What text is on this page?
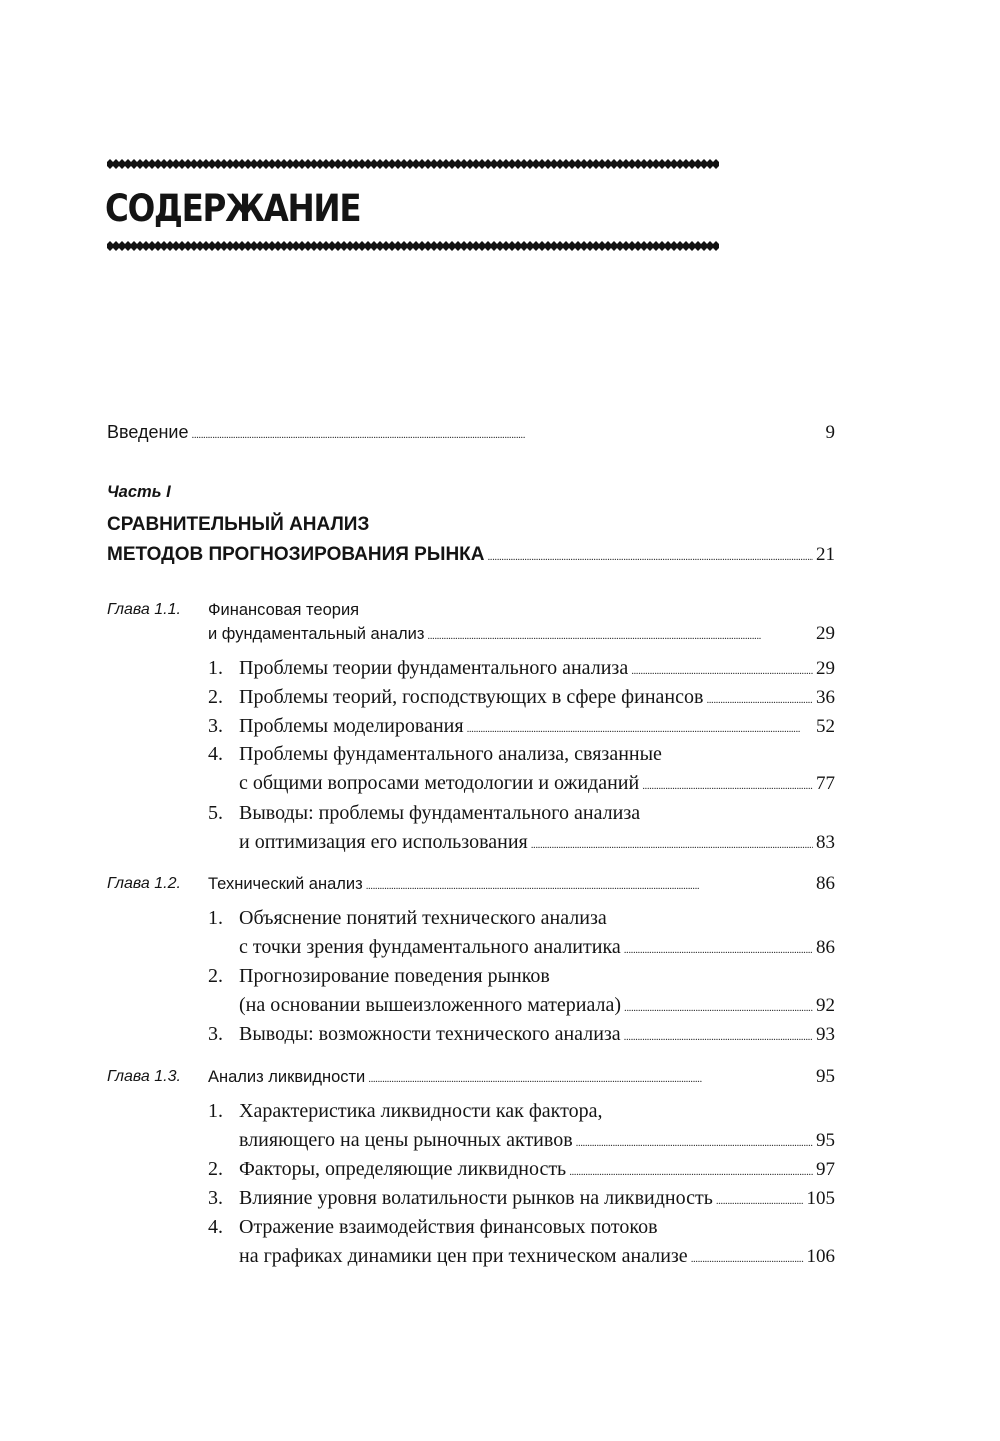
СОДЕРЖАНИЕ
Введение . . .	9
Часть I
СРАВНИТЕЛЬНЫЙ АНАЛИЗ
МЕТОДОВ ПРОГНОЗИРОВАНИЯ РЫНКА . . .	21
Глава 1.1. Финансовая теория
и фундаментальный анализ . . .	29
1. Проблемы теории фундаментального анализа . . .	29
2. Проблемы теорий, господствующих в сфере финансов . . .	36
3. Проблемы моделирования . . .	52
4. Проблемы фундаментального анализа, связанные
с общими вопросами методологии и ожиданий . . .	77
5. Выводы: проблемы фундаментального анализа
и оптимизация его использования . . .	83
Глава 1.2. Технический анализ . . .	86
1. Объяснение понятий технического анализа
с точки зрения фундаментального аналитика . . .	86
2. Прогнозирование поведения рынков
(на основании вышеизложенного материала) . . .	92
3. Выводы: возможности технического анализа . . .	93
Глава 1.3. Анализ ликвидности . . .	95
1. Характеристика ликвидности как фактора,
влияющего на цены рыночных активов . . .	95
2. Факторы, определяющие ликвидность . . .	97
3. Влияние уровня волатильности рынков на ликвидность . . .	105
4. Отражение взаимодействия финансовых потоков
на графиках динамики цен при техническом анализе . . .	106
